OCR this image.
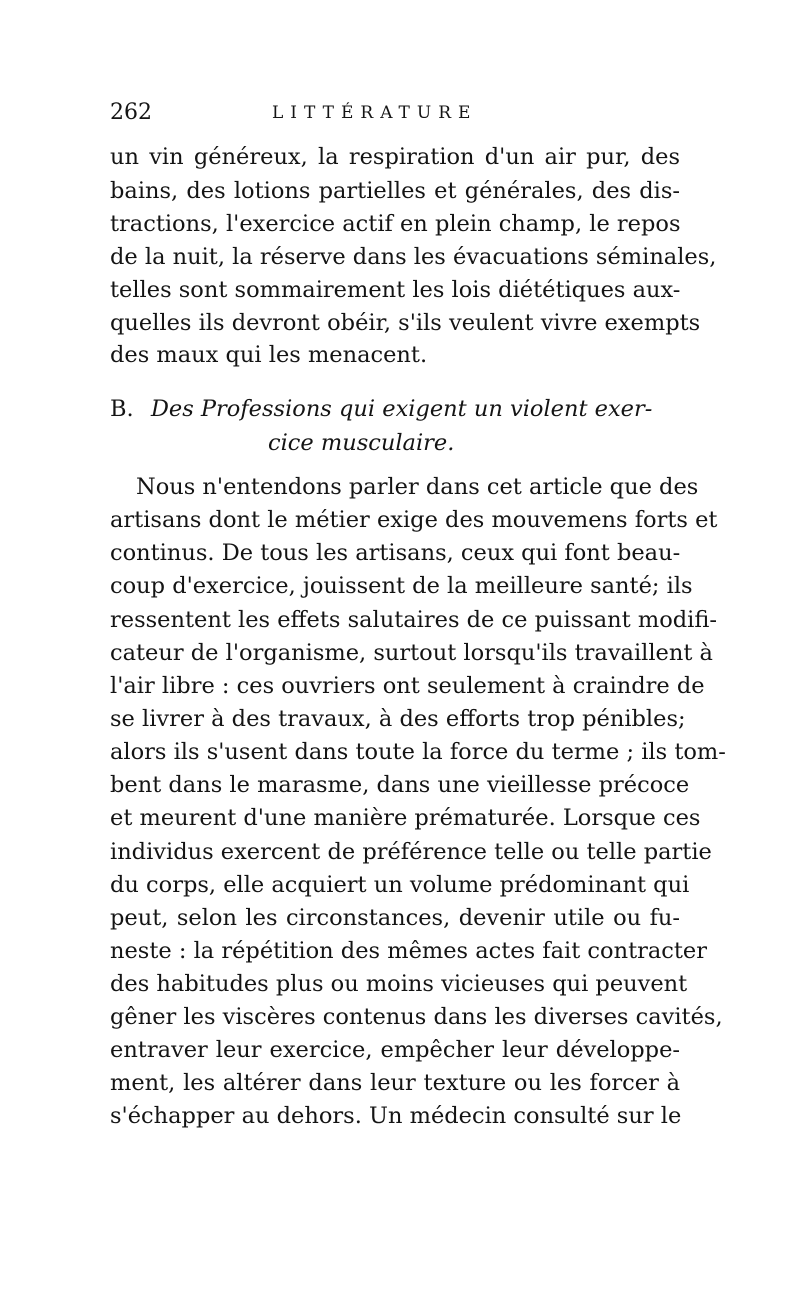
262	LITTÉRATURE
un vin généreux, la respiration d'un air pur, des
bains, des lotions partielles et générales, des dis-
tractions, l'exercice actif en plein champ, le repos
de la nuit, la réserve dans les évacuations séminales,
telles sont sommairement les lois diététiques aux-
quelles ils devront obéir, s'ils veulent vivre exempts
des maux qui les menacent.
B. Des Professions qui exigent un violent exer-
cice musculaire.
Nous n'entendons parler dans cet article que des
artisans dont le métier exige des mouvemens forts et
continus. De tous les artisans, ceux qui font beau-
coup d'exercice, jouissent de la meilleure santé; ils
ressentent les effets salutaires de ce puissant modifi-
cateur de l'organisme, surtout lorsqu'ils travaillent à
l'air libre : ces ouvriers ont seulement à craindre de
se livrer à des travaux, à des efforts trop pénibles;
alors ils s'usent dans toute la force du terme ; ils tom-
bent dans le marasme, dans une vieillesse précoce
et meurent d'une manière prématurée. Lorsque ces
individus exercent de préférence telle ou telle partie
du corps, elle acquiert un volume prédominant qui
peut, selon les circonstances, devenir utile ou fu-
neste : la répétition des mêmes actes fait contracter
des habitudes plus ou moins vicieuses qui peuvent
gêner les viscères contenus dans les diverses cavités,
entraver leur exercice, empêcher leur développe-
ment, les altérer dans leur texture ou les forcer à
s'échapper au dehors. Un médecin consulté sur le
